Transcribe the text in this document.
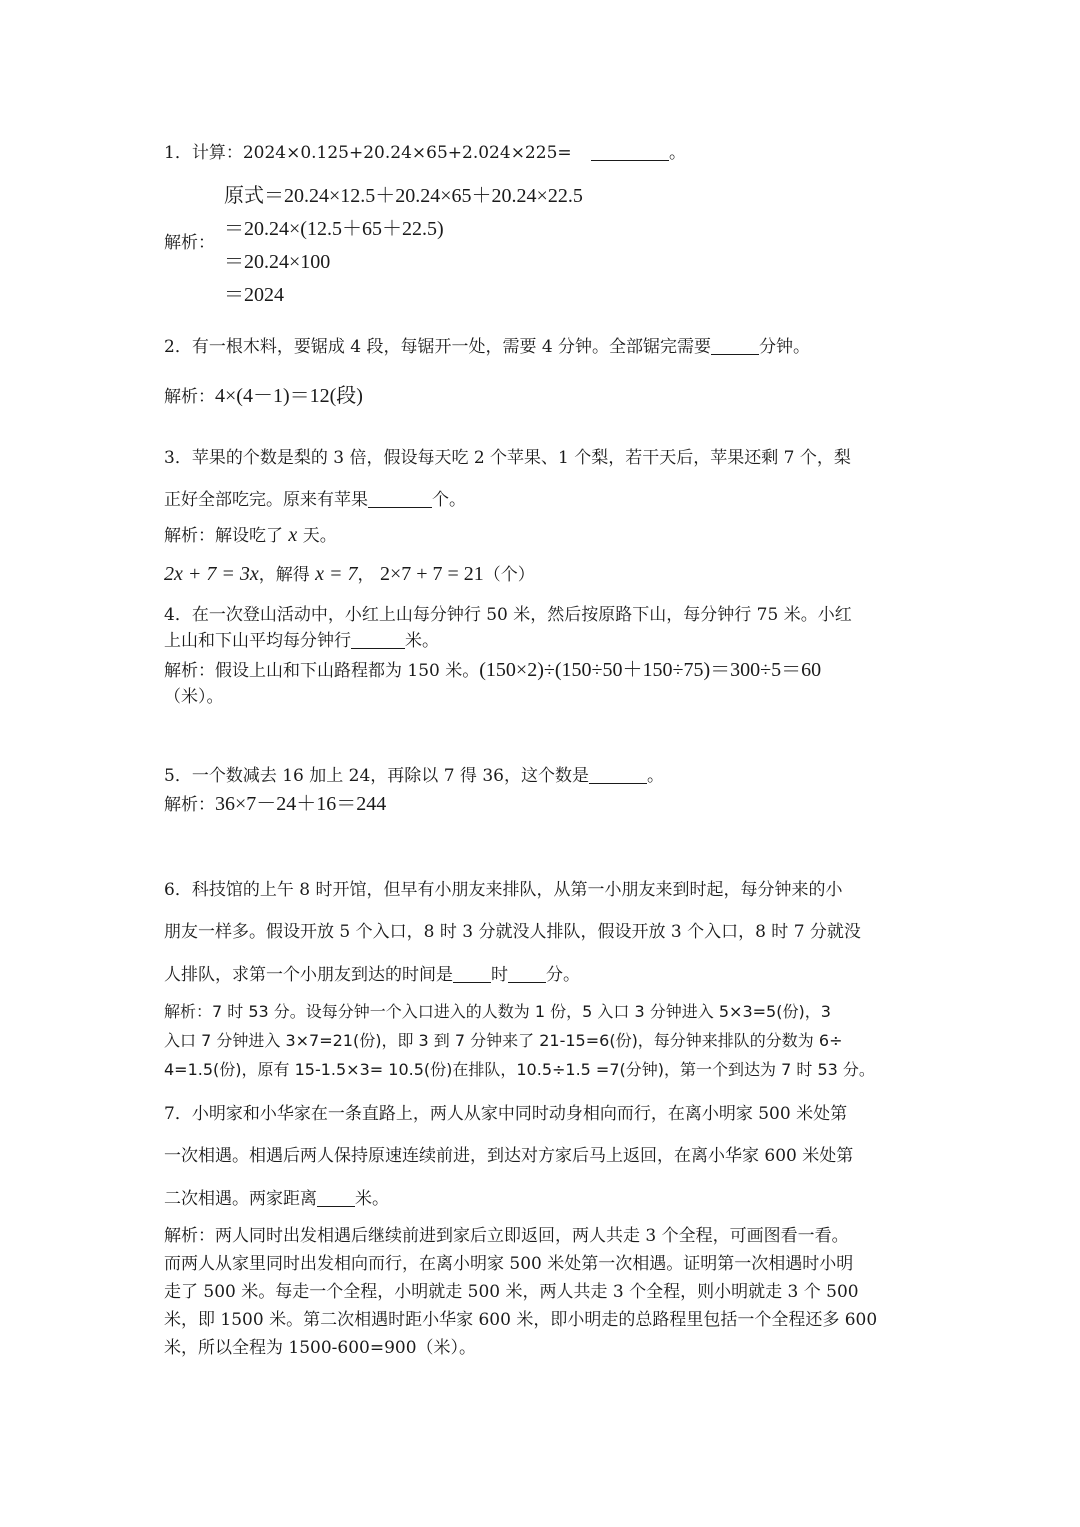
1．计算：2024×0.125+20.24×65+2.024×225=	。
解析：
原式＝20.24×12.5＋20.24×65＋20.24×22.5
＝20.24×(12.5＋65＋22.5)
＝20.24×100
＝2024
2．有一根木料，要锯成 4 段，每锯开一处，需要 4 分钟。全部锯完需要	分钟。
解析：4×(4－1)＝12(段)
3．苹果的个数是梨的 3 倍，假设每天吃 2 个苹果、1 个梨，若干天后，苹果还剩 7 个，梨
正好全部吃完。原来有苹果	个。
解析：解设吃了 x 天。
2x + 7 = 3x，解得 x = 7， 2×7 + 7 = 21（个）
4．在一次登山活动中，小红上山每分钟行 50 米，然后按原路下山，每分钟行 75 米。小红
上山和下山平均每分钟行	米。
解析：假设上山和下山路程都为 150 米。(150×2)÷(150÷50＋150÷75)＝300÷5＝60
（米）。
5．一个数减去 16 加上 24，再除以 7 得 36，这个数是	。
解析：36×7－24＋16＝244
6．科技馆的上午 8 时开馆，但早有小朋友来排队，从第一小朋友来到时起，每分钟来的小
朋友一样多。假设开放 5 个入口，8 时 3 分就没人排队，假设开放 3 个入口，8 时 7 分就没
人排队，求第一个小朋友到达的时间是 时 分。
解析：7 时 53 分。设每分钟一个入口进入的人数为 1 份，5 入口 3 分钟进入 5×3=5(份)，3
入口 7 分钟进入 3×7=21(份)，即 3 到 7 分钟来了 21-15=6(份)，每分钟来排队的分数为 6÷
4=1.5(份)，原有 15-1.5×3= 10.5(份)在排队，10.5÷1.5 =7(分钟)，第一个到达为 7 时 53 分。
7．小明家和小华家在一条直路上，两人从家中同时动身相向而行，在离小明家 500 米处第
一次相遇。相遇后两人保持原速连续前进，到达对方家后马上返回，在离小华家 600 米处第
二次相遇。两家距离 米。
解析：两人同时出发相遇后继续前进到家后立即返回，两人共走 3 个全程，可画图看一看。
而两人从家里同时出发相向而行，在离小明家 500 米处第一次相遇。证明第一次相遇时小明
走了 500 米。每走一个全程，小明就走 500 米，两人共走 3 个全程，则小明就走 3 个 500
米，即 1500 米。第二次相遇时距小华家 600 米，即小明走的总路程里包括一个全程还多 600
米，所以全程为 1500-600=900（米）。
